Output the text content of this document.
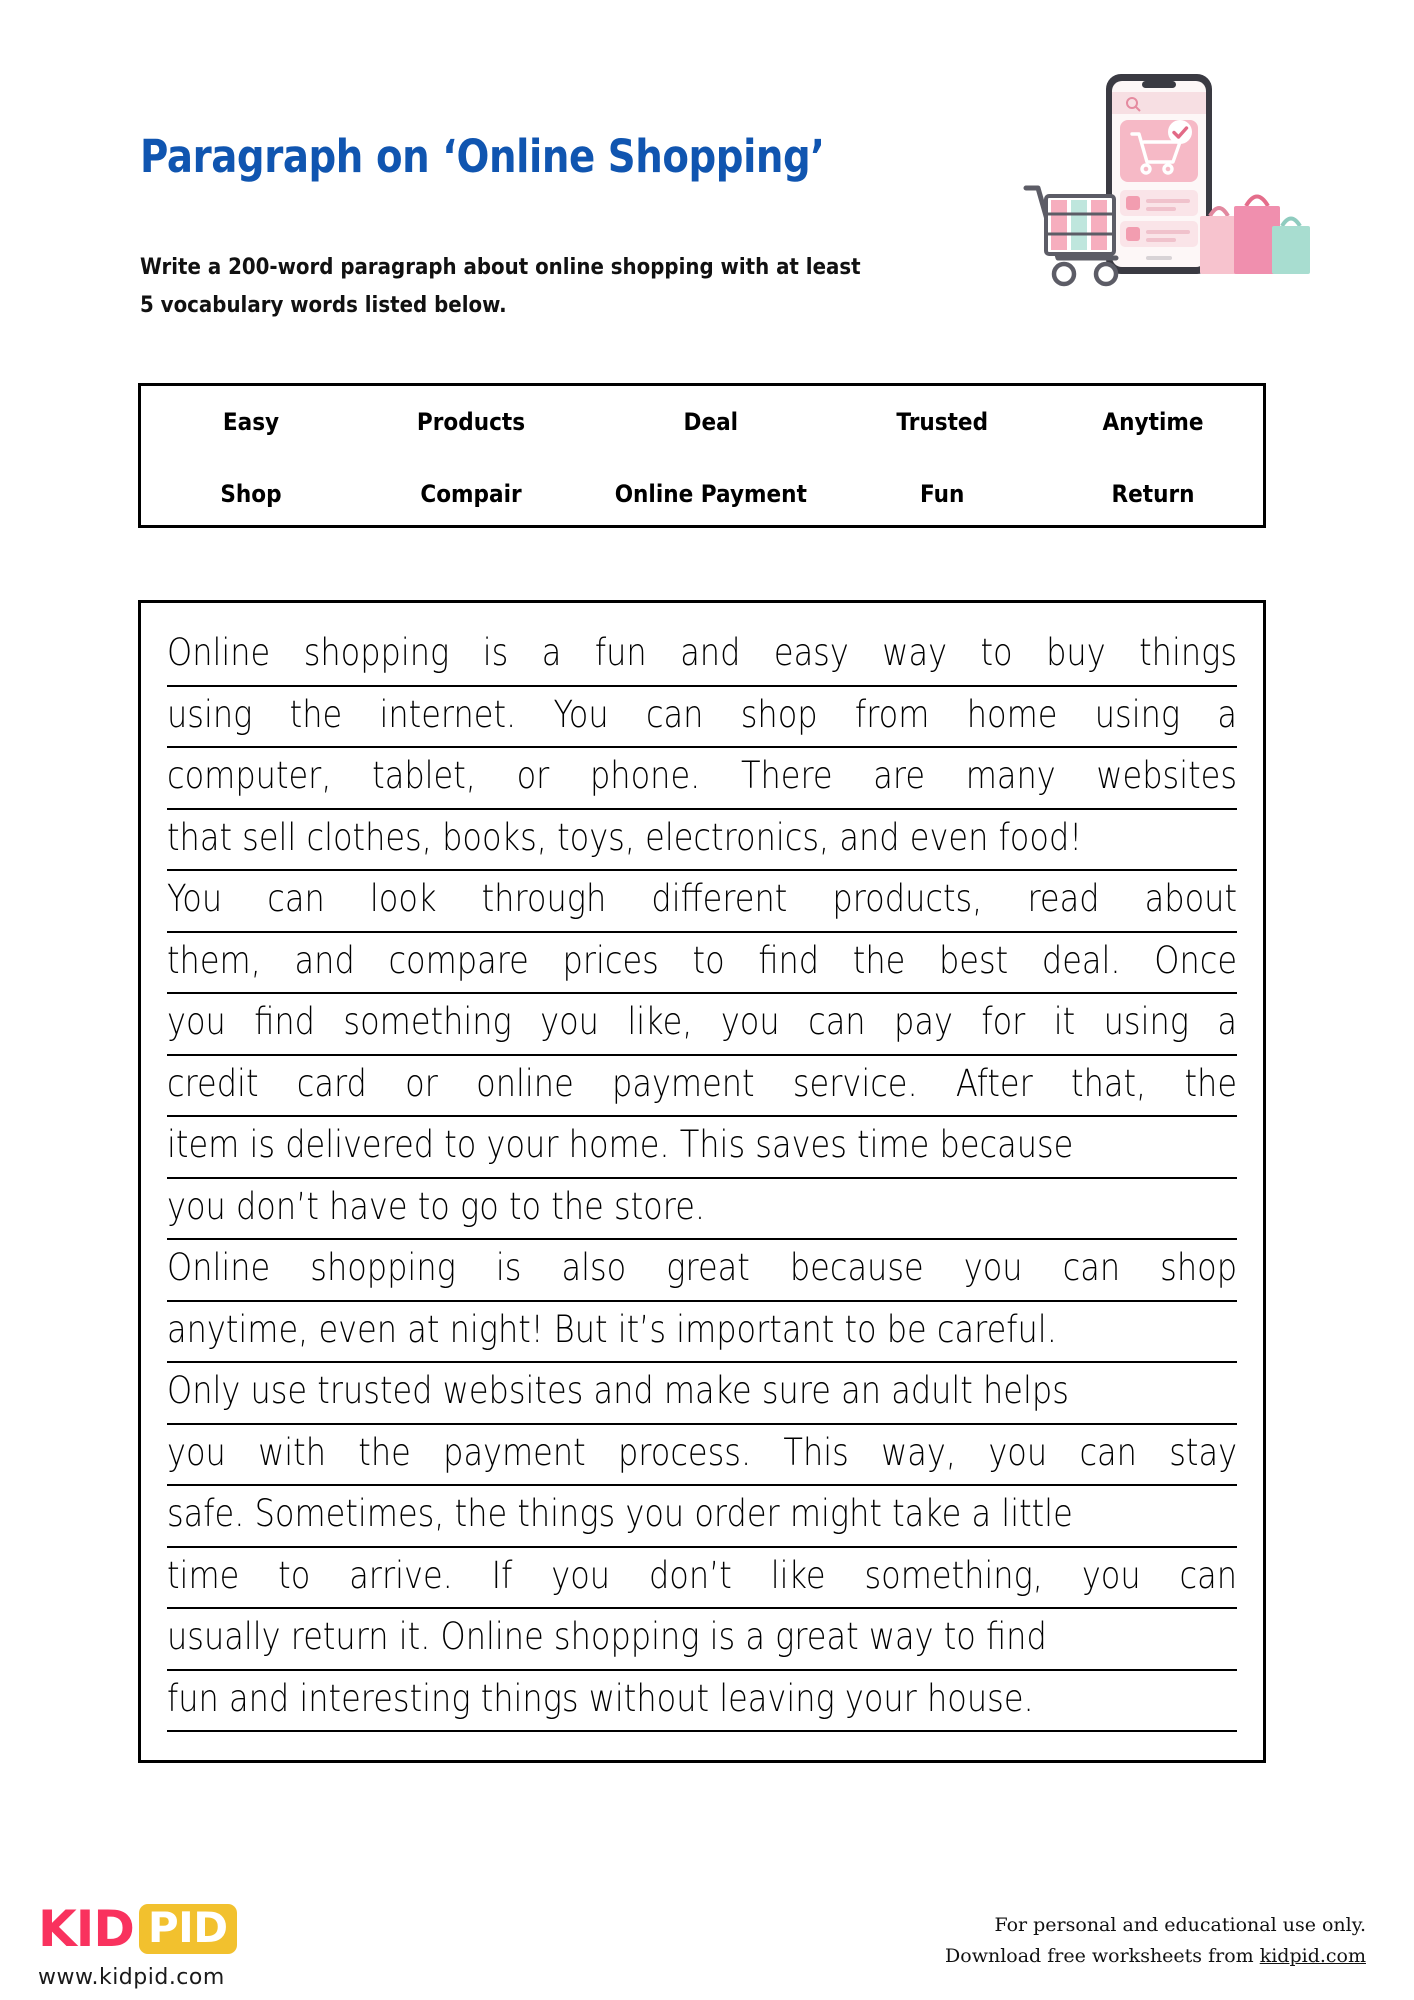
Paragraph on ‘Online Shopping’
Write a 200-word paragraph about online shopping with at least 5 vocabulary words listed below.
Easy	Products	Deal	Trusted	Anytime
Shop	Compair	Online Payment	Fun	Return
Online shopping is a fun and easy way to buy things
using the internet. You can shop from home using a
computer, tablet, or phone. There are many websites
that sell clothes, books, toys, electronics, and even food!
You can look through different products, read about
them, and compare prices to find the best deal. Once
you find something you like, you can pay for it using a
credit card or online payment service. After that, the
item is delivered to your home. This saves time because
you don’t have to go to the store.
Online shopping is also great because you can shop
anytime, even at night! But it’s important to be careful.
Only use trusted websites and make sure an adult helps
you with the payment process. This way, you can stay
safe. Sometimes, the things you order might take a little
time to arrive. If you don’t like something, you can
usually return it. Online shopping is a great way to find
fun and interesting things without leaving your house.
KID PID
www.kidpid.com
For personal and educational use only.
Download free worksheets from kidpid.com
